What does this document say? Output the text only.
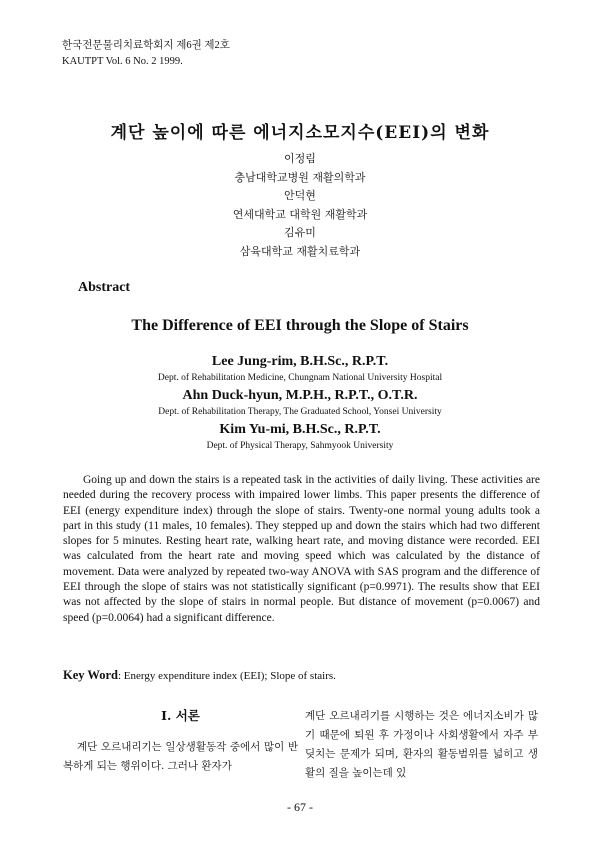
한국전문물리치료학회지 제6권 제2호
KAUTPT Vol. 6 No. 2 1999.
계단 높이에 따른 에너지소모지수(EEI)의 변화
이정림
충남대학교병원 재활의학과
안덕현
연세대학교 대학원 재활학과
김유미
삼육대학교 재활치료학과
Abstract
The Difference of EEI through the Slope of Stairs
Lee Jung-rim, B.H.Sc., R.P.T.
Dept. of Rehabilitation Medicine, Chungnam National University Hospital
Ahn Duck-hyun, M.P.H., R.P.T., O.T.R.
Dept. of Rehabilitation Therapy, The Graduated School, Yonsei University
Kim Yu-mi, B.H.Sc., R.P.T.
Dept. of Physical Therapy, Sahmyook University
Going up and down the stairs is a repeated task in the activities of daily living. These activities are needed during the recovery process with impaired lower limbs. This paper presents the difference of EEI (energy expenditure index) through the slope of stairs. Twenty-one normal young adults took a part in this study (11 males, 10 females). They stepped up and down the stairs which had two different slopes for 5 minutes. Resting heart rate, walking heart rate, and moving distance were recorded. EEI was calculated from the heart rate and moving speed which was calculated by the distance of movement. Data were analyzed by repeated two-way ANOVA with SAS program and the difference of EEI through the slope of stairs was not statistically significant (p=0.9971). The results show that EEI was not affected by the slope of stairs in normal people. But distance of movement (p=0.0067) and speed (p=0.0064) had a significant difference.
Key Word: Energy expenditure index (EEI); Slope of stairs.
Ⅰ. 서론
계단 오르내리기는 일상생활동작 중에서 많이 반복하게 되는 행위이다. 그러나 환자가
계단 오르내리기를 시행하는 것은 에너지소비가 많기 때문에 퇴원 후 가정이나 사회생활에서 자주 부딪치는 문제가 되며, 환자의 활동범위를 넓히고 생활의 질을 높이는데 있
- 67 -
